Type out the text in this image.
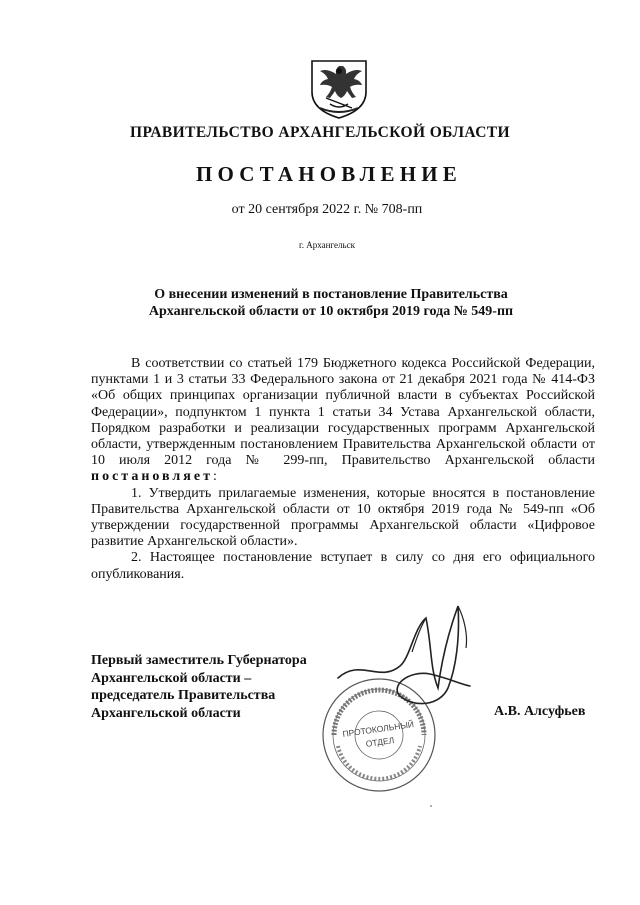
ПРАВИТЕЛЬСТВО АРХАНГЕЛЬСКОЙ ОБЛАСТИ
ПОСТАНОВЛЕНИЕ
от 20 сентября 2022 г. № 708-пп
г. Архангельск
О внесении изменений в постановление Правительства
Архангельской области от 10 октября 2019 года № 549-пп

В соответствии со статьей 179 Бюджетного кодекса Российской Федерации, пунктами 1 и 3 статьи 33 Федерального закона от 21 декабря 2021 года № 414-ФЗ «Об общих принципах организации публичной власти в субъектах Российской Федерации», подпунктом 1 пункта 1 статьи 34 Устава Архангельской области, Порядком разработки и реализации государственных программ Архангельской области, утвержденным постановлением Правительства Архангельской области от 10 июля 2012 года № 299-пп, Правительство Архангельской области постановляет:

1. Утвердить прилагаемые изменения, которые вносятся в постановление Правительства Архангельской области от 10 октября 2019 года № 549-пп «Об утверждении государственной программы Архангельской области «Цифровое развитие Архангельской области».

2. Настоящее постановление вступает в силу со дня его официального опубликования.

Первый заместитель Губернатора
Архангельской области –
председатель Правительства
Архангельской области	А.В. Алсуфьев
ПРОТОКОЛЬНЫЙ
ОТДЕЛ
